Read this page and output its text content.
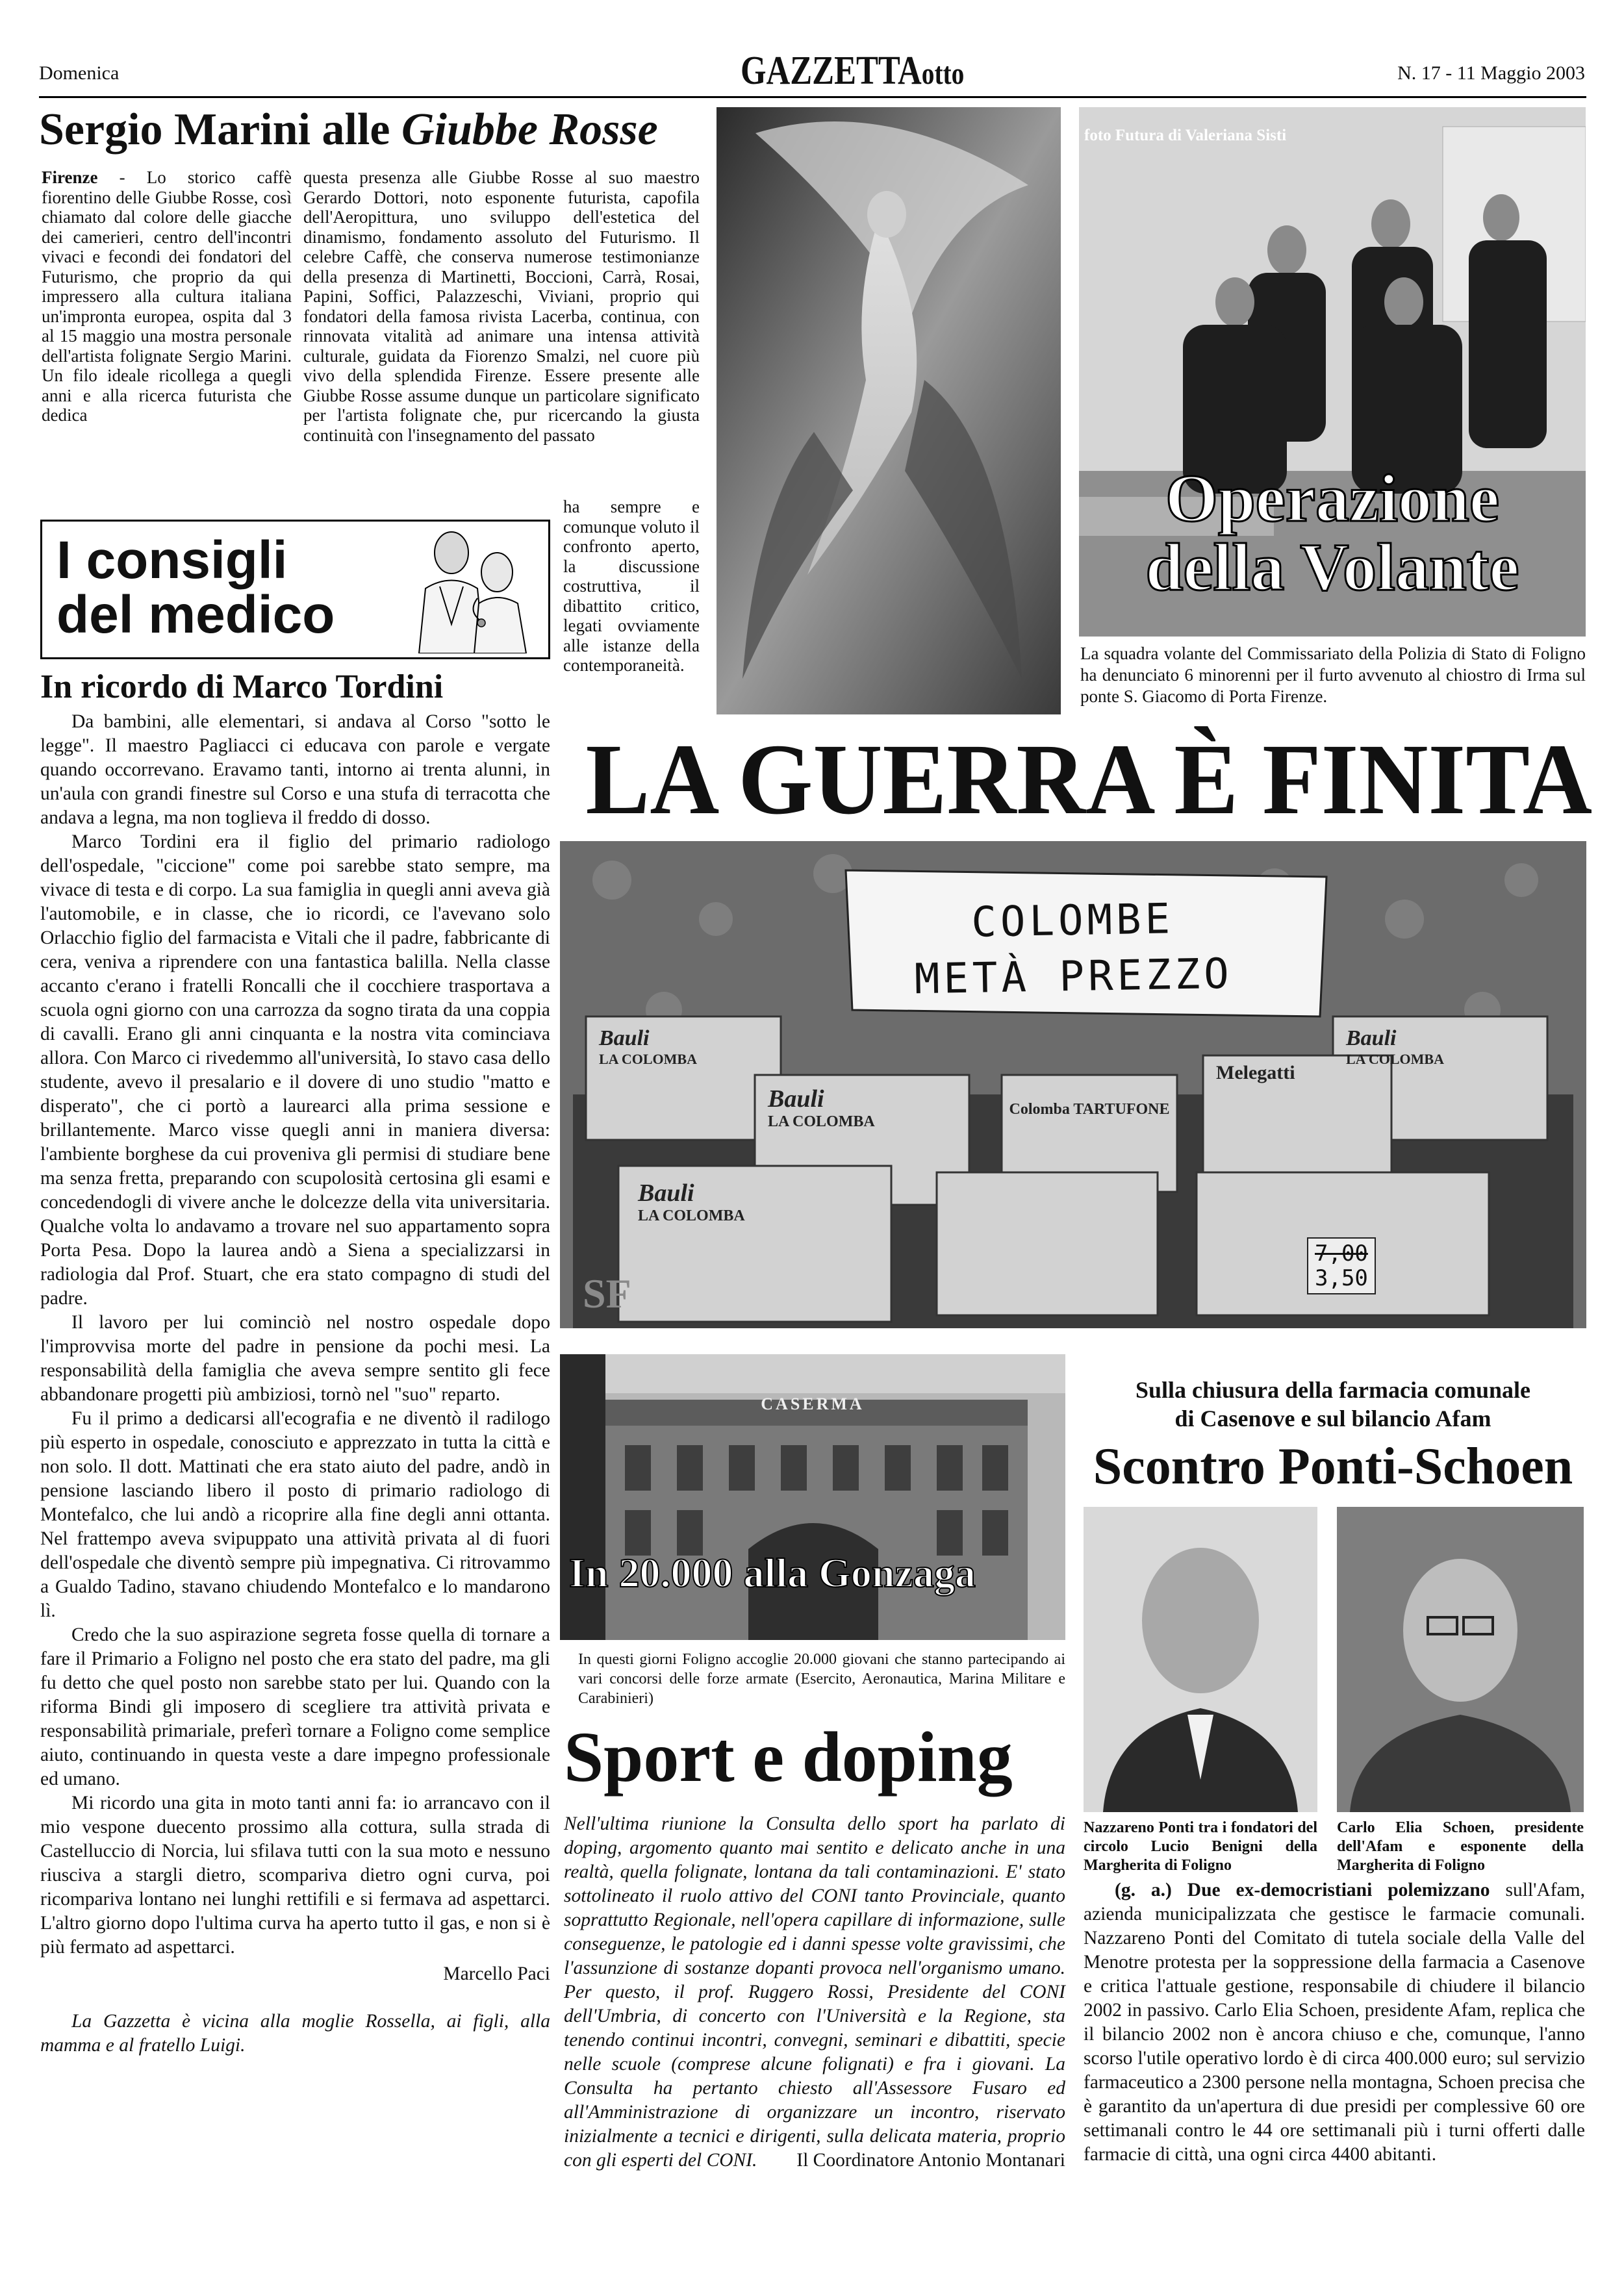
Domenica	GAZZETTAotto	N. 17 - 11 Maggio 2003
Sergio Marini alle Giubbe Rosse
Firenze - Lo storico caffè fiorentino delle Giubbe Rosse, così chiamato dal colore delle giacche dei camerieri, centro dell'incontri vivaci e fecondi dei fondatori del Futurismo, che proprio da qui impressero alla cultura italiana un'impronta europea, ospita dal 3 al 15 maggio una mostra personale dell'artista folignate Sergio Marini. Un filo ideale ricollega a quegli anni e alla ricerca futurista che dedica
questa presenza alle Giubbe Rosse al suo maestro Gerardo Dottori, noto esponente futurista, capofila dell'Aeropittura, uno sviluppo dell'estetica del dinamismo, fondamento assoluto del Futurismo. Il celebre Caffè, che conserva numerose testimonianze della presenza di Martinetti, Boccioni, Carrà, Rosai, Papini, Soffici, Palazzeschi, Viviani, proprio qui fondatori della famosa rivista Lacerba, continua, con rinnovata vitalità ad animare una intensa attività culturale, guidata da Fiorenzo Smalzi, nel cuore più vivo della splendida Firenze. Essere presente alle Giubbe Rosse assume dunque un particolare significato per l'artista folignate che, pur ricercando la giusta continuità con l'insegnamento del passato
ha sempre e comunque voluto il confronto aperto, la discussione costruttiva, il dibattito critico, legati ovviamente alle istanze della contemporaneità.
I consigli
del medico
In ricordo di Marco Tordini

Da bambini, alle elementari, si andava al Corso "sotto le legge". Il maestro Pagliacci ci educava con parole e vergate quando occorrevano. Eravamo tanti, intorno ai trenta alunni, in un'aula con grandi finestre sul Corso e una stufa di terracotta che andava a legna, ma non toglieva il freddo di dosso.

Marco Tordini era il figlio del primario radiologo dell'ospedale, "ciccione" come poi sarebbe stato sempre, ma vivace di testa e di corpo. La sua famiglia in quegli anni aveva già l'automobile, e in classe, che io ricordi, ce l'avevano solo Orlacchio figlio del farmacista e Vitali che il padre, fabbricante di cera, veniva a riprendere con una fantastica balilla. Nella classe accanto c'erano i fratelli Roncalli che il cocchiere trasportava a scuola ogni giorno con una carrozza da sogno tirata da una coppia di cavalli. Erano gli anni cinquanta e la nostra vita cominciava allora. Con Marco ci rivedemmo all'università, Io stavo casa dello studente, avevo il presalario e il dovere di uno studio "matto e disperato", che ci portò a laurearci alla prima sessione e brillantemente. Marco visse quegli anni in maniera diversa: l'ambiente borghese da cui proveniva gli permisi di studiare bene ma senza fretta, preparando con scupolosità certosina gli esami e concedendogli di vivere anche le dolcezze della vita universitaria. Qualche volta lo andavamo a trovare nel suo appartamento sopra Porta Pesa. Dopo la laurea andò a Siena a specializzarsi in radiologia dal Prof. Stuart, che era stato compagno di studi del padre.

Il lavoro per lui cominciò nel nostro ospedale dopo l'improvvisa morte del padre in pensione da pochi mesi. La responsabilità della famiglia che aveva sempre sentito gli fece abbandonare progetti più ambiziosi, tornò nel "suo" reparto.

Fu il primo a dedicarsi all'ecografia e ne diventò il radilogo più esperto in ospedale, conosciuto e apprezzato in tutta la città e non solo. Il dott. Mattinati che era stato aiuto del padre, andò in pensione lasciando libero il posto di primario radiologo di Montefalco, che lui andò a ricoprire alla fine degli anni ottanta. Nel frattempo aveva svipuppato una attività privata al di fuori dell'ospedale che diventò sempre più impegnativa. Ci ritrovammo a Gualdo Tadino, stavano chiudendo Montefalco e lo mandarono lì.

Credo che la suo aspirazione segreta fosse quella di tornare a fare il Primario a Foligno nel posto che era stato del padre, ma gli fu detto che quel posto non sarebbe stato per lui. Quando con la riforma Bindi gli imposero di scegliere tra attività privata e responsabilità primariale, preferì tornare a Foligno come semplice aiuto, continuando in questa veste a dare impegno professionale ed umano.

Mi ricordo una gita in moto tanti anni fa: io arrancavo con il mio vespone duecento prossimo alla cottura, sulla strada di Castelluccio di Norcia, lui sfilava tutti con la sua moto e nessuno riusciva a stargli dietro, scompariva dietro ogni curva, poi ricompariva lontano nei lunghi rettifili e si fermava ad aspettarci. L'altro giorno dopo l'ultima curva ha aperto tutto il gas, e non si è più fermato ad aspettarci.

Marcello Paci
La Gazzetta è vicina alla moglie Rossella, ai figli, alla mamma e al fratello Luigi.
foto Futura di Valeriana Sisti
Operazione
della Volante
La squadra volante del Commissariato della Polizia di Stato di Foligno ha denunciato 6 minorenni per il furto avvenuto al chiostro di Irma sul ponte S. Giacomo di Porta Firenze.
LA GUERRA È FINITA
COLOMBE
METÀ PREZZO
Bauli
LA COLOMBA
Bauli
LA COLOMBA
Bauli
LA COLOMBA
Bauli
LA COLOMBA
Melegatti
Colomba TARTUFONE
7,00
3,50
SF
CASERMA
In 20.000 alla Gonzaga
In questi giorni Foligno accoglie 20.000 giovani che stanno partecipando ai vari concorsi delle forze armate (Esercito, Aeronautica, Marina Militare e Carabinieri)
Sport e doping
Nell'ultima riunione la Consulta dello sport ha parlato di doping, argomento quanto mai sentito e delicato anche in una realtà, quella folignate, lontana da tali contaminazioni. E' stato sottolineato il ruolo attivo del CONI tanto Provinciale, quanto soprattutto Regionale, nell'opera capillare di informazione, sulle conseguenze, le patologie ed i danni spesse volte gravissimi, che l'assunzione di sostanze dopanti provoca nell'organismo umano. Per questo, il prof. Ruggero Rossi, Presidente del CONI dell'Umbria, di concerto con l'Università e la Regione, sta tenendo continui incontri, convegni, seminari e dibattiti, specie nelle scuole (comprese alcune folignati) e fra i giovani. La Consulta ha pertanto chiesto all'Assessore Fusaro ed all'Amministrazione di organizzare un incontro, riservato inizialmente a tecnici e dirigenti, sulla delicata materia, proprio con gli esperti del CONI. Il Coordinatore Antonio Montanari
Sulla chiusura della farmacia comunale
di Casenove e sul bilancio Afam
Scontro Ponti-Schoen
Nazzareno Ponti tra i fondatori del circolo Lucio Benigni della Margherita di Foligno
Carlo Elia Schoen, presidente dell'Afam e esponente della Margherita di Foligno
(g. a.) Due ex-democristiani polemizzano sull'Afam, azienda municipalizzata che gestisce le farmacie comunali. Nazzareno Ponti del Comitato di tutela sociale della Valle del Menotre protesta per la soppressione della farmacia a Casenove e critica l'attuale gestione, responsabile di chiudere il bilancio 2002 in passivo. Carlo Elia Schoen, presidente Afam, replica che il bilancio 2002 non è ancora chiuso e che, comunque, l'anno scorso l'utile operativo lordo è di circa 400.000 euro; sul servizio farmaceutico a 2300 persone nella montagna, Schoen precisa che è garantito da un'apertura di due presidi per complessive 60 ore settimanali contro le 44 ore settimanali più i turni offerti dalle farmacie di città, una ogni circa 4400 abitanti.
